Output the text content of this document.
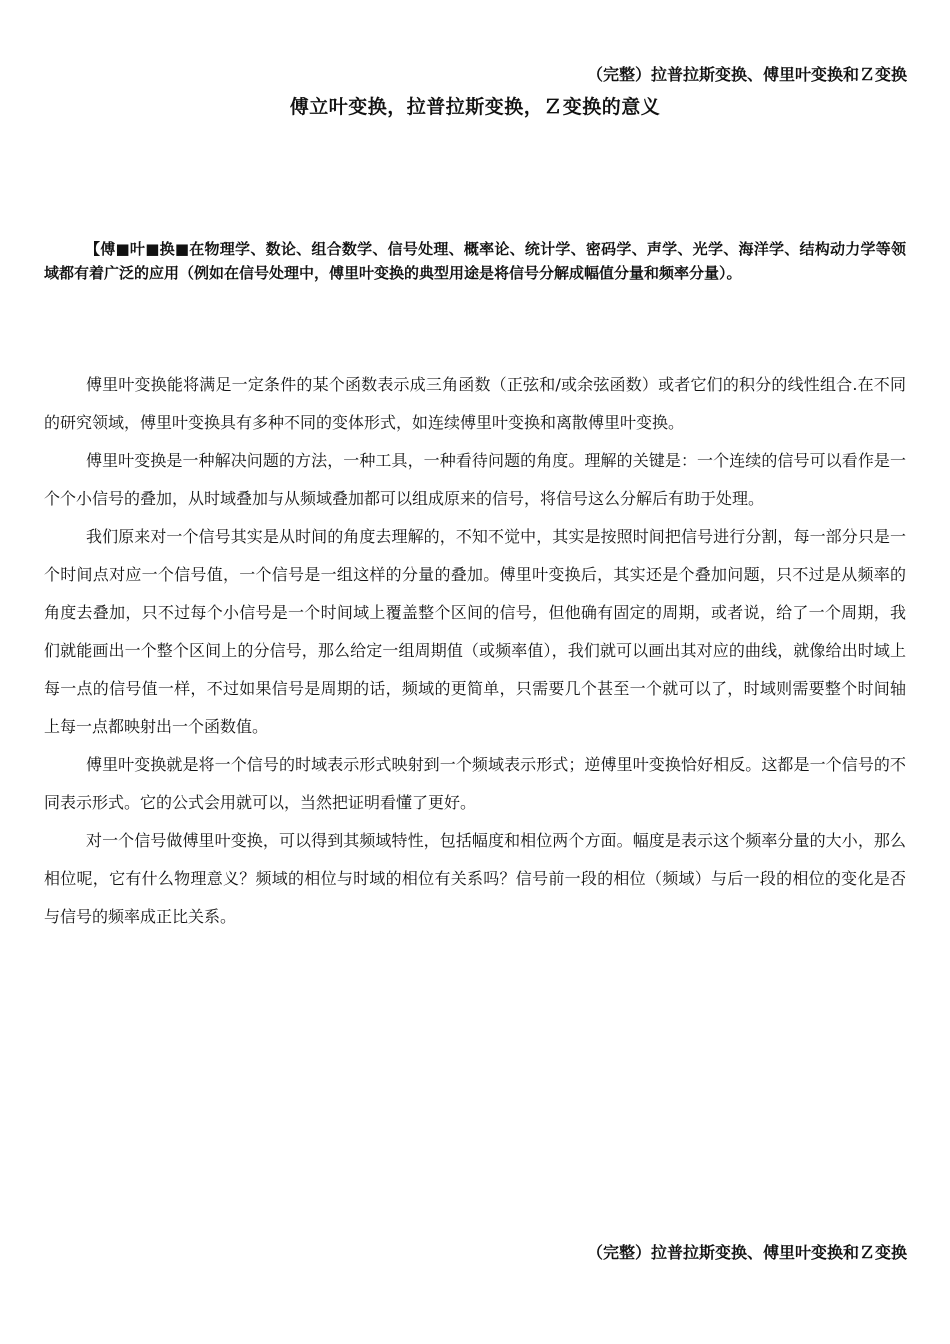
（完整）拉普拉斯变换、傅里叶变换和Ｚ变换
傅立叶变换，拉普拉斯变换，Ｚ变换的意义
【傅■叶■换■在物理学、数论、组合数学、信号处理、概率论、统计学、密码学、声学、光学、海洋学、结构动力学等领域都有着广泛的应用（例如在信号处理中，傅里叶变换的典型用途是将信号分解成幅值分量和频率分量）。

傅里叶变换能将满足一定条件的某个函数表示成三角函数（正弦和/或余弦函数）或者它们的积分的线性组合.在不同的研究领域，傅里叶变换具有多种不同的变体形式，如连续傅里叶变换和离散傅里叶变换。

傅里叶变换是一种解决问题的方法，一种工具，一种看待问题的角度。理解的关键是：一个连续的信号可以看作是一个个小信号的叠加，从时域叠加与从频域叠加都可以组成原来的信号，将信号这么分解后有助于处理。

我们原来对一个信号其实是从时间的角度去理解的，不知不觉中，其实是按照时间把信号进行分割，每一部分只是一个时间点对应一个信号值，一个信号是一组这样的分量的叠加。傅里叶变换后，其实还是个叠加问题，只不过是从频率的角度去叠加，只不过每个小信号是一个时间域上覆盖整个区间的信号，但他确有固定的周期，或者说，给了一个周期，我们就能画出一个整个区间上的分信号，那么给定一组周期值（或频率值），我们就可以画出其对应的曲线，就像给出时域上每一点的信号值一样，不过如果信号是周期的话，频域的更简单，只需要几个甚至一个就可以了，时域则需要整个时间轴上每一点都映射出一个函数值。

傅里叶变换就是将一个信号的时域表示形式映射到一个频域表示形式；逆傅里叶变换恰好相反。这都是一个信号的不同表示形式。它的公式会用就可以，当然把证明看懂了更好。

对一个信号做傅里叶变换，可以得到其频域特性，包括幅度和相位两个方面。幅度是表示这个频率分量的大小，那么相位呢，它有什么物理意义？频域的相位与时域的相位有关系吗？信号前一段的相位（频域）与后一段的相位的变化是否与信号的频率成正比关系。

（完整）拉普拉斯变换、傅里叶变换和Ｚ变换
